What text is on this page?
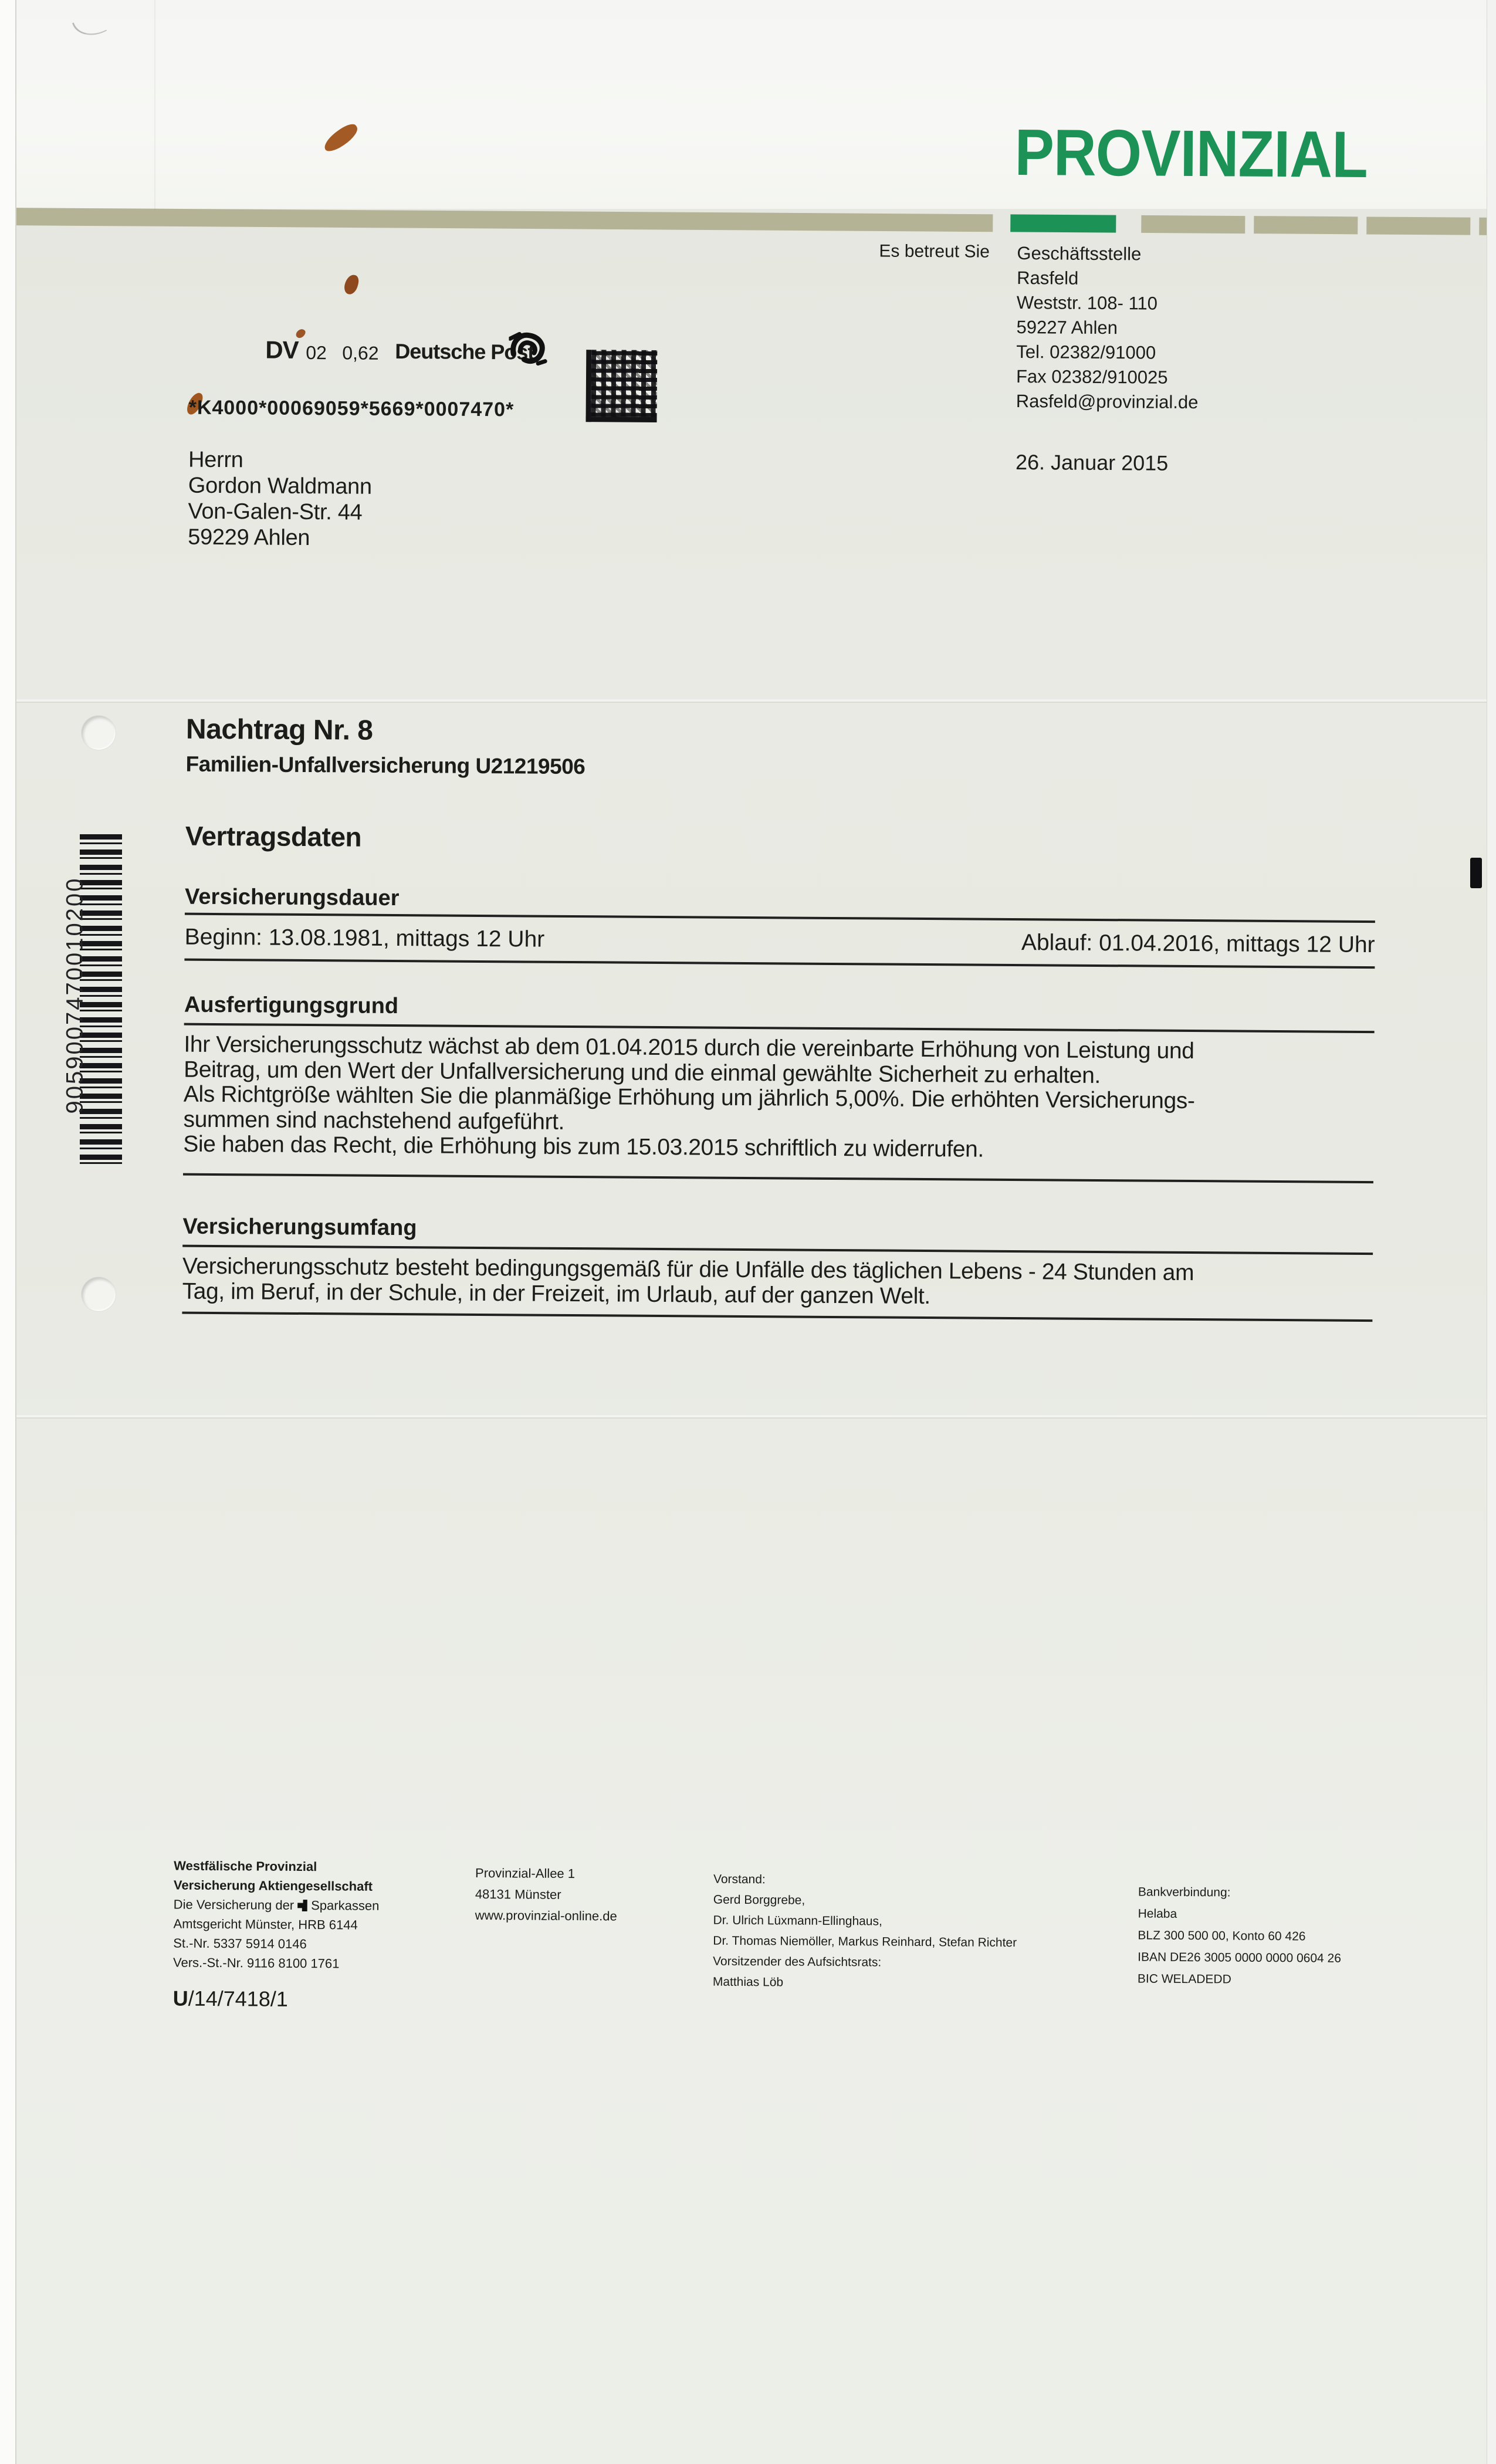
9059007470010200
PROVINZIAL
Es betreut Sie Geschäftsstelle
Rasfeld
Weststr. 108- 110
59227 Ahlen
Tel. 02382/91000
Fax 02382/910025
Rasfeld@provinzial.de
DV 02 0,62 Deutsche Post
*K4000*00069059*5669*0007470*
Herrn
Gordon Waldmann
Von-Galen-Str. 44
59229 Ahlen
26. Januar 2015
Nachtrag Nr. 8
Familien-Unfallversicherung U21219506
Vertragsdaten
Versicherungsdauer
Beginn: 13.08.1981, mittags 12 Uhr	Ablauf: 01.04.2016, mittags 12 Uhr
Ausfertigungsgrund
Ihr Versicherungsschutz wächst ab dem 01.04.2015 durch die vereinbarte Erhöhung von Leistung und
Beitrag, um den Wert der Unfallversicherung und die einmal gewählte Sicherheit zu erhalten.
Als Richtgröße wählten Sie die planmäßige Erhöhung um jährlich 5,00%. Die erhöhten Versicherungs-
summen sind nachstehend aufgeführt.
Sie haben das Recht, die Erhöhung bis zum 15.03.2015 schriftlich zu widerrufen.
Versicherungsumfang
Versicherungsschutz besteht bedingungsgemäß für die Unfälle des täglichen Lebens - 24 Stunden am
Tag, im Beruf, in der Schule, in der Freizeit, im Urlaub, auf der ganzen Welt.
Westfälische Provinzial
Versicherung Aktiengesellschaft
Die Versicherung der Sparkassen
Amtsgericht Münster, HRB 6144
St.-Nr. 5337 5914 0146
Vers.-St.-Nr. 9116 8100 1761
Provinzial-Allee 1
48131 Münster
www.provinzial-online.de
Vorstand:
Gerd Borggrebe,
Dr. Ulrich Lüxmann-Ellinghaus,
Dr. Thomas Niemöller, Markus Reinhard, Stefan Richter
Vorsitzender des Aufsichtsrats:
Matthias Löb
Bankverbindung:
Helaba
BLZ 300 500 00, Konto 60 426
IBAN DE26 3005 0000 0000 0604 26
BIC WELADEDD
U/14/7418/1
